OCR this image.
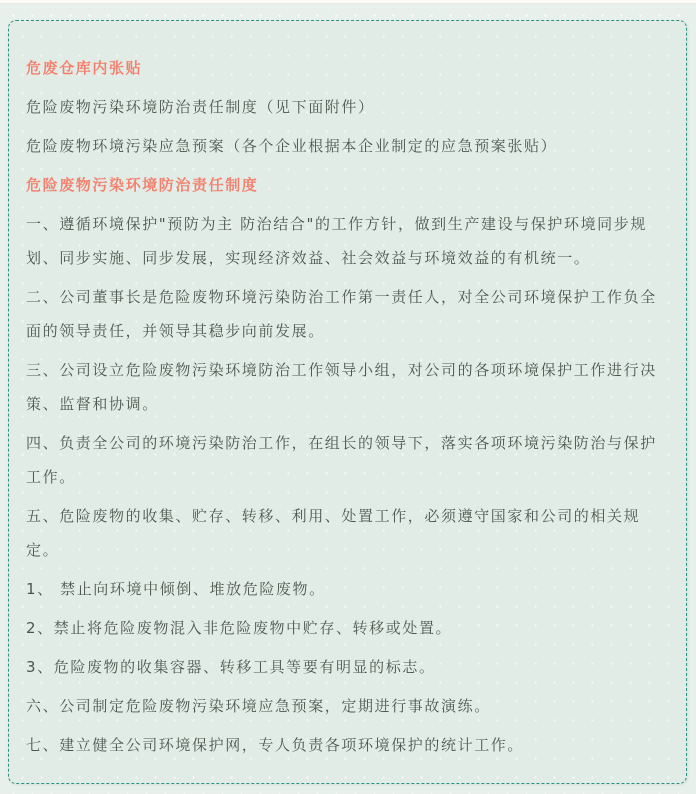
危废仓库内张贴

危险废物污染环境防治责任制度（见下面附件）

危险废物环境污染应急预案（各个企业根据本企业制定的应急预案张贴）

危险废物污染环境防治责任制度

一、遵循环境保护"预防为主 防治结合"的工作方针，做到生产建设与保护环境同步规划、同步实施、同步发展，实现经济效益、社会效益与环境效益的有机统一。

二、公司董事长是危险废物环境污染防治工作第一责任人，对全公司环境保护工作负全面的领导责任，并领导其稳步向前发展。

三、公司设立危险废物污染环境防治工作领导小组，对公司的各项环境保护工作进行决策、监督和协调。

四、负责全公司的环境污染防治工作，在组长的领导下，落实各项环境污染防治与保护工作。

五、危险废物的收集、贮存、转移、利用、处置工作，必须遵守国家和公司的相关规定。

1、 禁止向环境中倾倒、堆放危险废物。

2、禁止将危险废物混入非危险废物中贮存、转移或处置。

3、危险废物的收集容器、转移工具等要有明显的标志。

六、公司制定危险废物污染环境应急预案，定期进行事故演练。

七、建立健全公司环境保护网，专人负责各项环境保护的统计工作。
